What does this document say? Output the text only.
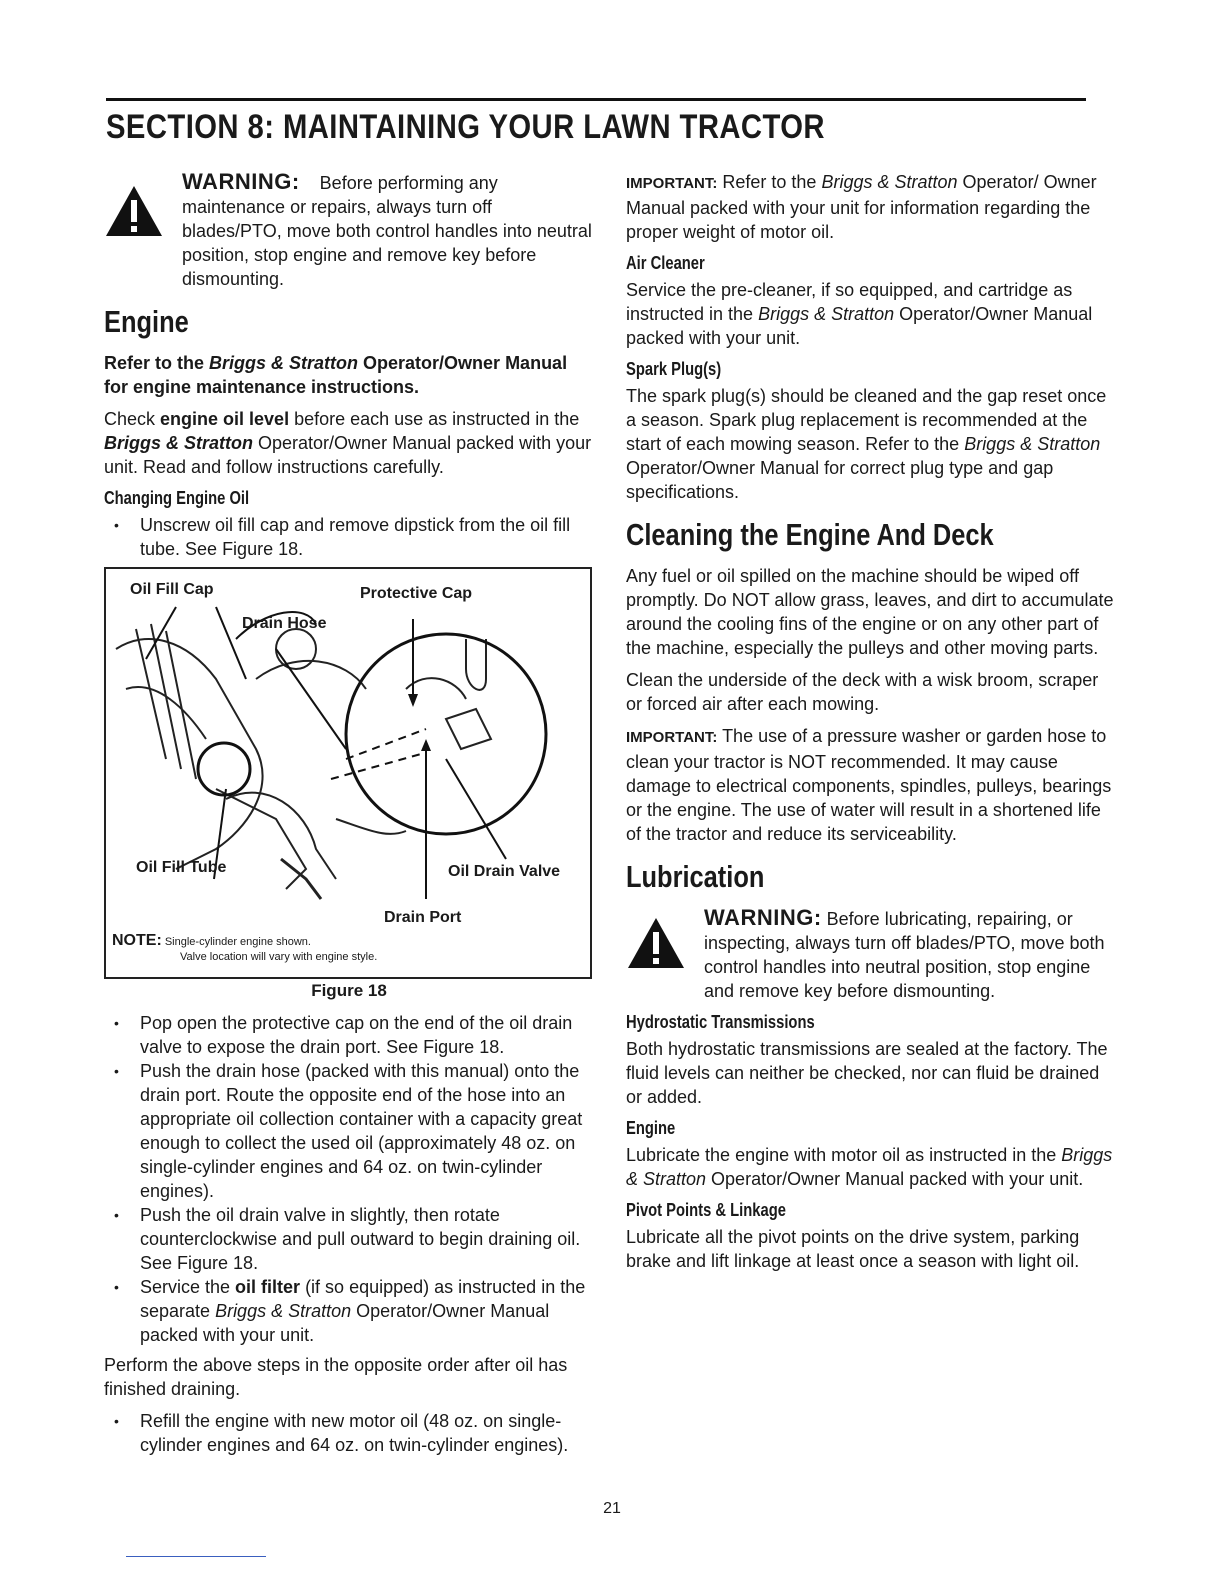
SECTION 8: MAINTAINING YOUR LAWN TRACTOR
WARNING: Before performing any maintenance or repairs, always turn off blades/PTO, move both control handles into neutral position, stop engine and remove key before dismounting.
Engine

Refer to the Briggs & Stratton Operator/Owner Manual for engine maintenance instructions.

Check engine oil level before each use as instructed in the Briggs & Stratton Operator/Owner Manual packed with your unit. Read and follow instructions carefully.

Changing Engine Oil
• Unscrew oil fill cap and remove dipstick from the oil fill tube. See Figure 18.
Oil Fill Cap	Protective Cap
Drain Hose
Oil Fill Tube	Oil Drain Valve
Drain Port
NOTE: Single-cylinder engine shown.
Valve location will vary with engine style.
Figure 18
• Pop open the protective cap on the end of the oil drain valve to expose the drain port. See Figure 18.
• Push the drain hose (packed with this manual) onto the drain port. Route the opposite end of the hose into an appropriate oil collection container with a capacity great enough to collect the used oil (approximately 48 oz. on single-cylinder engines and 64 oz. on twin-cylinder engines).
• Push the oil drain valve in slightly, then rotate counterclockwise and pull outward to begin draining oil. See Figure 18.
• Service the oil filter (if so equipped) as instructed in the separate Briggs & Stratton Operator/Owner Manual packed with your unit.

Perform the above steps in the opposite order after oil has finished draining.

• Refill the engine with new motor oil (48 oz. on single-cylinder engines and 64 oz. on twin-cylinder engines).

IMPORTANT: Refer to the Briggs & Stratton Operator/ Owner Manual packed with your unit for information regarding the proper weight of motor oil.

Air Cleaner

Service the pre-cleaner, if so equipped, and cartridge as instructed in the Briggs & Stratton Operator/Owner Manual packed with your unit.

Spark Plug(s)

The spark plug(s) should be cleaned and the gap reset once a season. Spark plug replacement is recommended at the start of each mowing season. Refer to the Briggs & Stratton Operator/Owner Manual for correct plug type and gap specifications.

Cleaning the Engine And Deck

Any fuel or oil spilled on the machine should be wiped off promptly. Do NOT allow grass, leaves, and dirt to accumulate around the cooling fins of the engine or on any other part of the machine, especially the pulleys and other moving parts.

Clean the underside of the deck with a wisk broom, scraper or forced air after each mowing.

IMPORTANT: The use of a pressure washer or garden hose to clean your tractor is NOT recommended. It may cause damage to electrical components, spindles, pulleys, bearings or the engine. The use of water will result in a shortened life of the tractor and reduce its serviceability.

Lubrication
WARNING: Before lubricating, repairing, or inspecting, always turn off blades/PTO, move both control handles into neutral position, stop engine and remove key before dismounting.
Hydrostatic Transmissions

Both hydrostatic transmissions are sealed at the factory. The fluid levels can neither be checked, nor can fluid be drained or added.

Engine

Lubricate the engine with motor oil as instructed in the Briggs & Stratton Operator/Owner Manual packed with your unit.

Pivot Points & Linkage

Lubricate all the pivot points on the drive system, parking brake and lift linkage at least once a season with light oil.

21
